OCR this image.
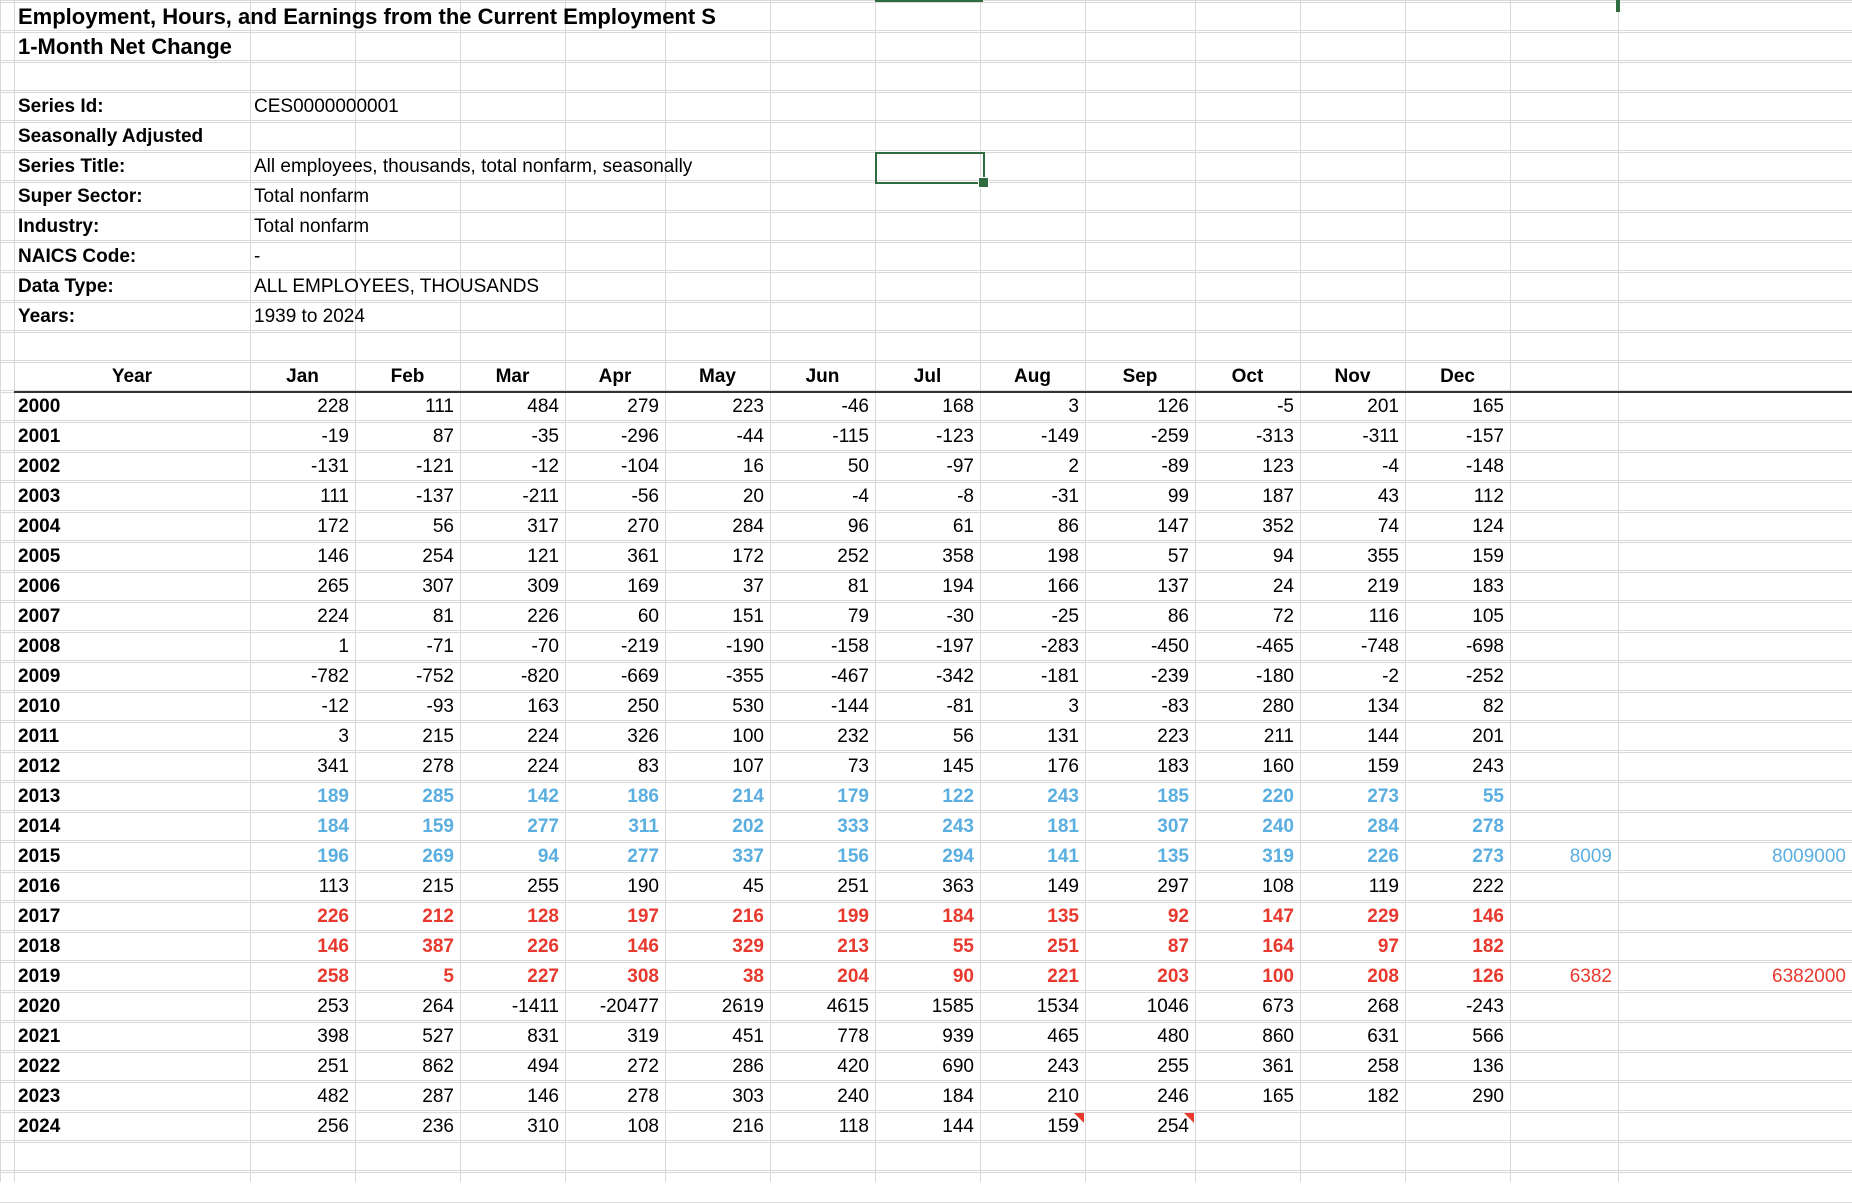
Employment, Hours, and Earnings from the Current Employment S
1-Month Net Change
Series Id:	CES0000000001
Seasonally Adjusted
Series Title:	All employees, thousands, total nonfarm, seasonally
Super Sector:	Total nonfarm
Industry:	Total nonfarm
NAICS Code:	-
Data Type:	ALL EMPLOYEES, THOUSANDS
Years:	1939 to 2024
Year	Jan	Feb	Mar	Apr	May	Jun	Jul	Aug	Sep	Oct	Nov	Dec
2000	228	111	484	279	223	-46	168	3	126	-5	201	165
2001	-19	87	-35	-296	-44	-115	-123	-149	-259	-313	-311	-157
2002	-131	-121	-12	-104	16	50	-97	2	-89	123	-4	-148
2003	111	-137	-211	-56	20	-4	-8	-31	99	187	43	112
2004	172	56	317	270	284	96	61	86	147	352	74	124
2005	146	254	121	361	172	252	358	198	57	94	355	159
2006	265	307	309	169	37	81	194	166	137	24	219	183
2007	224	81	226	60	151	79	-30	-25	86	72	116	105
2008	1	-71	-70	-219	-190	-158	-197	-283	-450	-465	-748	-698
2009	-782	-752	-820	-669	-355	-467	-342	-181	-239	-180	-2	-252
2010	-12	-93	163	250	530	-144	-81	3	-83	280	134	82
2011	3	215	224	326	100	232	56	131	223	211	144	201
2012	341	278	224	83	107	73	145	176	183	160	159	243
2013	189	285	142	186	214	179	122	243	185	220	273	55
2014	184	159	277	311	202	333	243	181	307	240	284	278
2015	196	269	94	277	337	156	294	141	135	319	226	273	8009	8009000
2016	113	215	255	190	45	251	363	149	297	108	119	222
2017	226	212	128	197	216	199	184	135	92	147	229	146
2018	146	387	226	146	329	213	55	251	87	164	97	182
2019	258	5	227	308	38	204	90	221	203	100	208	126	6382	6382000
2020	253	264	-1411	-20477	2619	4615	1585	1534	1046	673	268	-243
2021	398	527	831	319	451	778	939	465	480	860	631	566
2022	251	862	494	272	286	420	690	243	255	361	258	136
2023	482	287	146	278	303	240	184	210	246	165	182	290
2024	256	236	310	108	216	118	144	159	254
